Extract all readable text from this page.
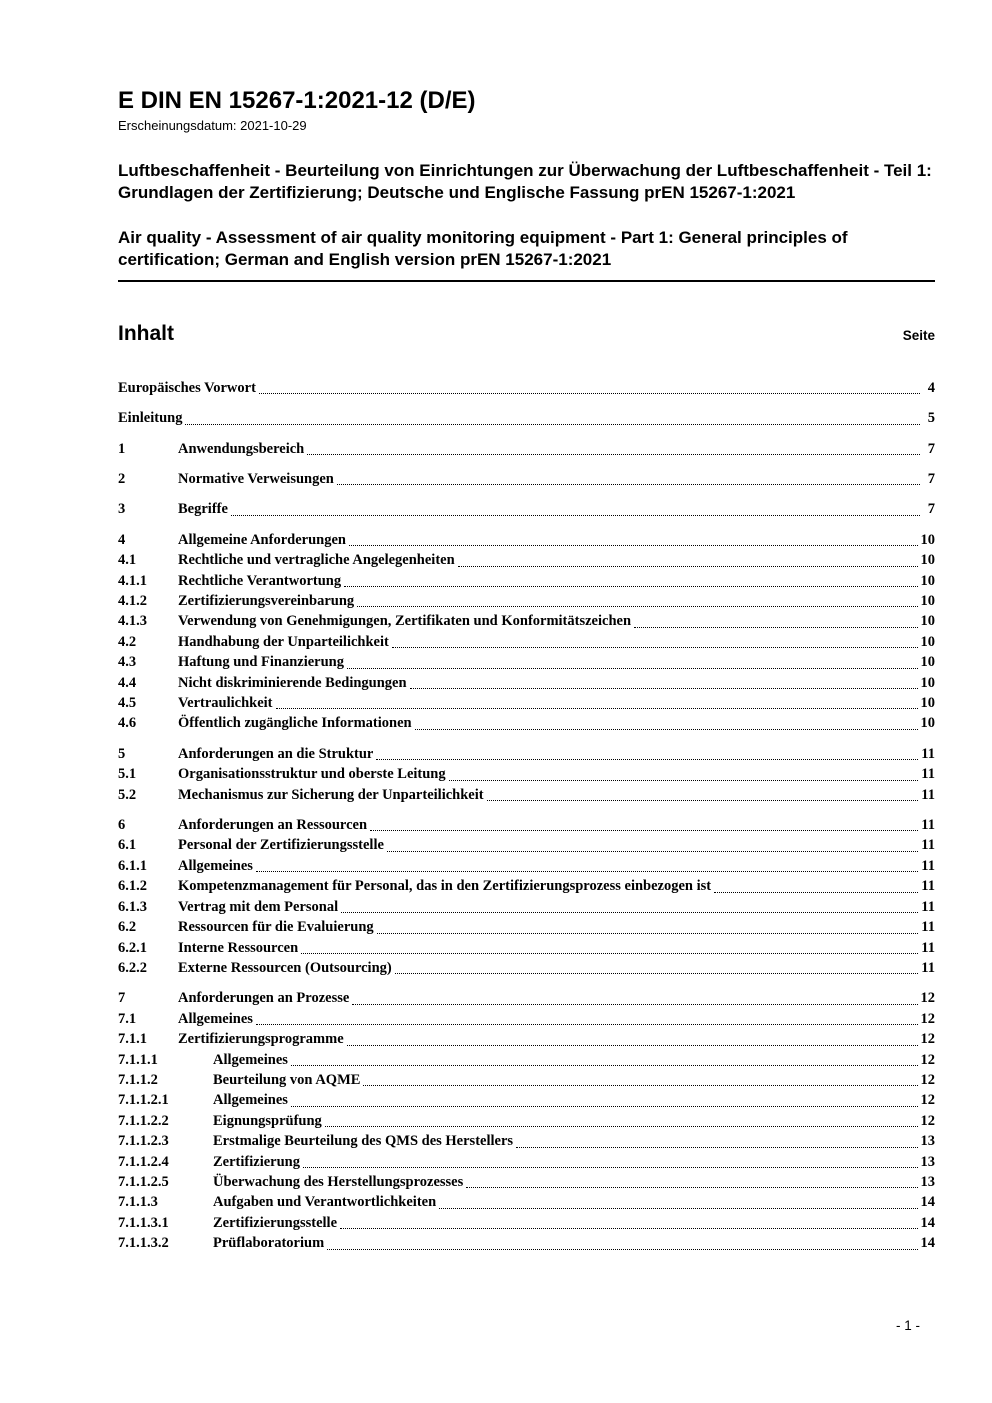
E DIN EN 15267-1:2021-12 (D/E)
Erscheinungsdatum: 2021-10-29
Luftbeschaffenheit - Beurteilung von Einrichtungen zur Überwachung der Luftbeschaffenheit - Teil 1: Grundlagen der Zertifizierung; Deutsche und Englische Fassung prEN 15267-1:2021
Air quality - Assessment of air quality monitoring equipment - Part 1: General principles of certification; German and English version prEN 15267-1:2021
Inhalt	Seite
Europäisches Vorwort	4
Einleitung	5
1	Anwendungsbereich	7
2	Normative Verweisungen	7
3	Begriffe	7
4	Allgemeine Anforderungen	10
4.1	Rechtliche und vertragliche Angelegenheiten	10
4.1.1	Rechtliche Verantwortung	10
4.1.2	Zertifizierungsvereinbarung	10
4.1.3	Verwendung von Genehmigungen, Zertifikaten und Konformitätszeichen	10
4.2	Handhabung der Unparteilichkeit	10
4.3	Haftung und Finanzierung	10
4.4	Nicht diskriminierende Bedingungen	10
4.5	Vertraulichkeit	10
4.6	Öffentlich zugängliche Informationen	10
5	Anforderungen an die Struktur	11
5.1	Organisationsstruktur und oberste Leitung	11
5.2	Mechanismus zur Sicherung der Unparteilichkeit	11
6	Anforderungen an Ressourcen	11
6.1	Personal der Zertifizierungsstelle	11
6.1.1	Allgemeines	11
6.1.2	Kompetenzmanagement für Personal, das in den Zertifizierungsprozess einbezogen ist	11
6.1.3	Vertrag mit dem Personal	11
6.2	Ressourcen für die Evaluierung	11
6.2.1	Interne Ressourcen	11
6.2.2	Externe Ressourcen (Outsourcing)	11
7	Anforderungen an Prozesse	12
7.1	Allgemeines	12
7.1.1	Zertifizierungsprogramme	12
7.1.1.1	Allgemeines	12
7.1.1.2	Beurteilung von AQME	12
7.1.1.2.1	Allgemeines	12
7.1.1.2.2	Eignungsprüfung	12
7.1.1.2.3	Erstmalige Beurteilung des QMS des Herstellers	13
7.1.1.2.4	Zertifizierung	13
7.1.1.2.5	Überwachung des Herstellungsprozesses	13
7.1.1.3	Aufgaben und Verantwortlichkeiten	14
7.1.1.3.1	Zertifizierungsstelle	14
7.1.1.3.2	Prüflaboratorium	14
- 1 -
